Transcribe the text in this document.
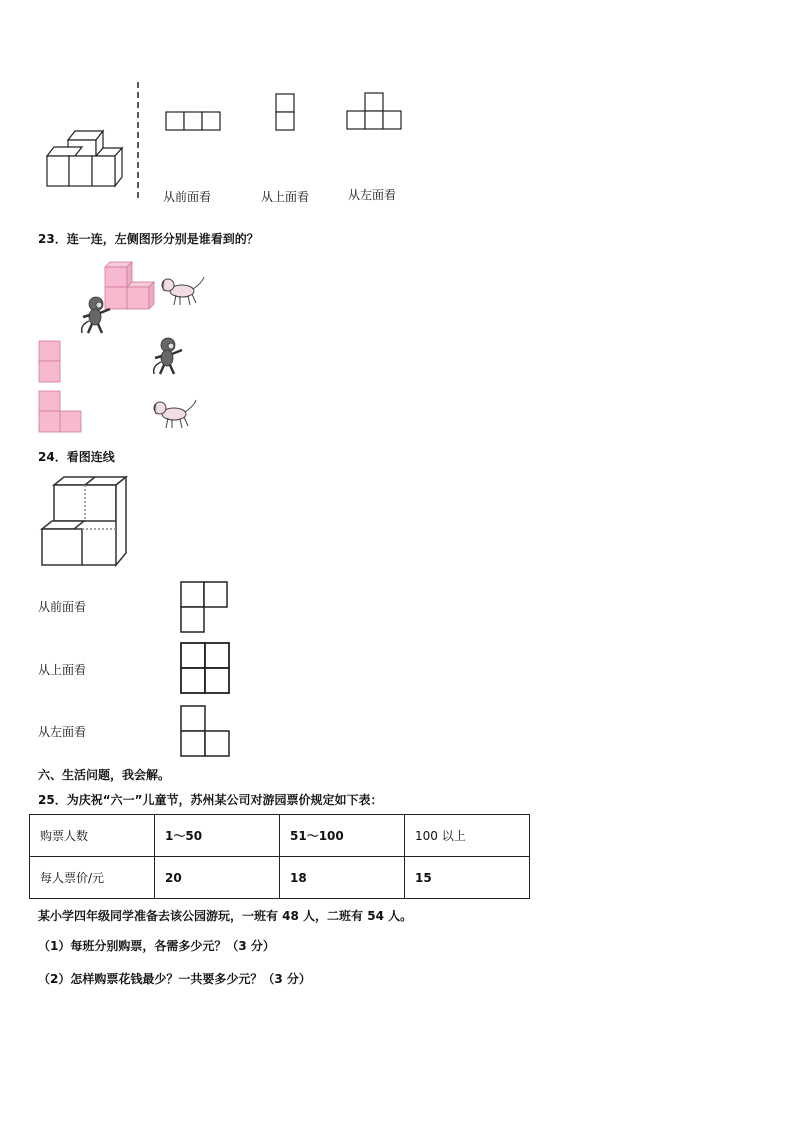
从前面看	从上面看	从左面看
23．连一连，左侧图形分别是谁看到的？
24．看图连线
从前面看
从上面看
从左面看
六、生活问题，我会解。
25．为庆祝“六一”儿童节，苏州某公司对游园票价规定如下表：
购票人数	1～50	51～100	100 以上
每人票价/元	20	18	15
某小学四年级同学准备去该公园游玩，一班有 48 人，二班有 54 人。
（1）每班分别购票，各需多少元？（3 分）
（2）怎样购票花钱最少？一共要多少元？（3 分）
